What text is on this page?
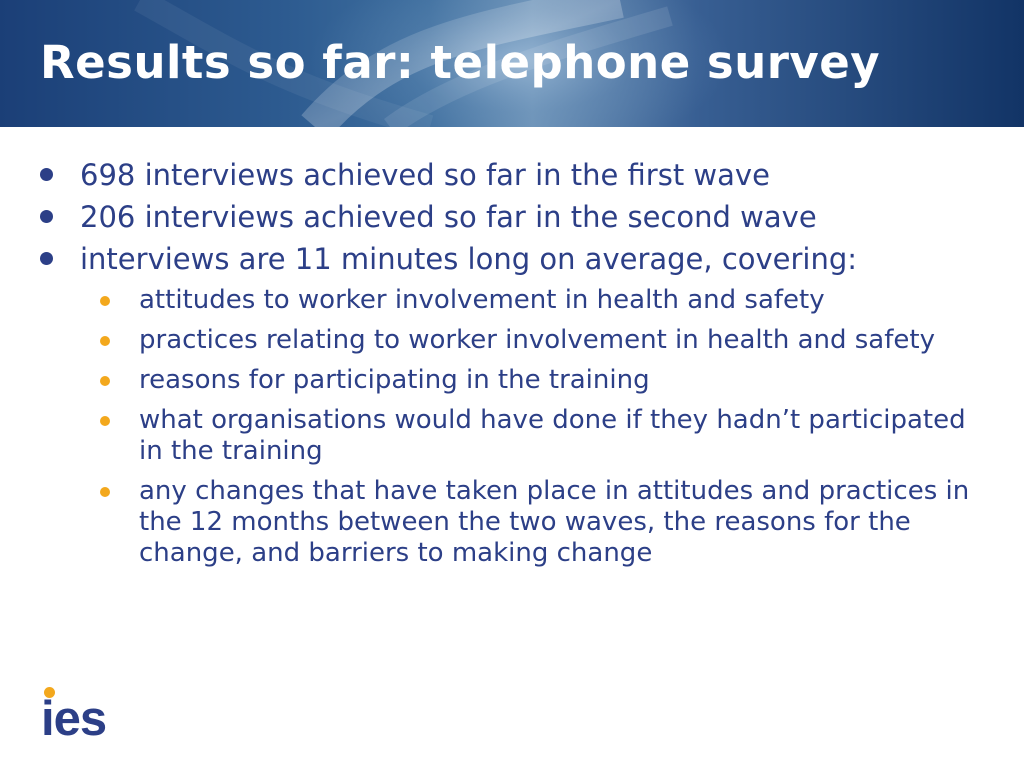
Results so far: telephone survey
698 interviews achieved so far in the first wave
206 interviews achieved so far in the second wave
interviews are 11 minutes long on average, covering:
attitudes to worker involvement in health and safety
practices relating to worker involvement in health and safety
reasons for participating in the training
what organisations would have done if they hadn’t participated in the training
any changes that have taken place in attitudes and practices in the 12 months between the two waves, the reasons for the change, and barriers to making change
ies
